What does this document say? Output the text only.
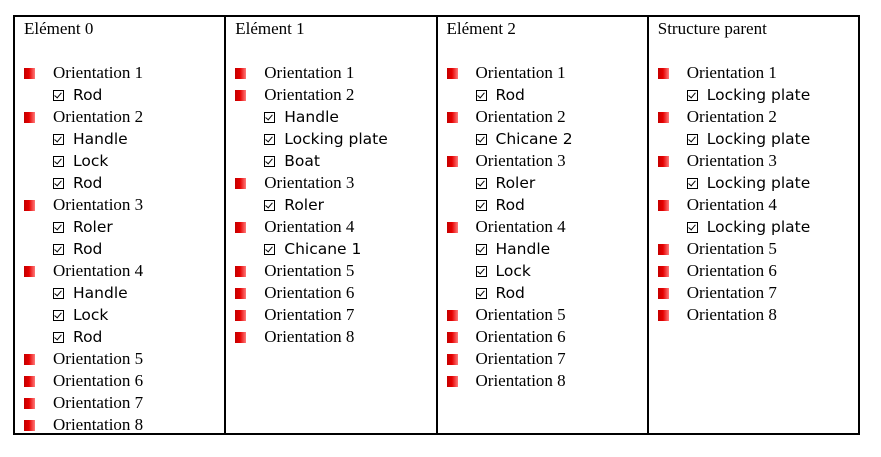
Elément 0
Orientation 1
Rod
Orientation 2
Handle
Lock
Rod
Orientation 3
Roler
Rod
Orientation 4
Handle
Lock
Rod
Orientation 5
Orientation 6
Orientation 7
Orientation 8
Elément 1
Orientation 1
Orientation 2
Handle
Locking plate
Boat
Orientation 3
Roler
Orientation 4
Chicane 1
Orientation 5
Orientation 6
Orientation 7
Orientation 8
Elément 2
Orientation 1
Rod
Orientation 2
Chicane 2
Orientation 3
Roler
Rod
Orientation 4
Handle
Lock
Rod
Orientation 5
Orientation 6
Orientation 7
Orientation 8
Structure parent
Orientation 1
Locking plate
Orientation 2
Locking plate
Orientation 3
Locking plate
Orientation 4
Locking plate
Orientation 5
Orientation 6
Orientation 7
Orientation 8
